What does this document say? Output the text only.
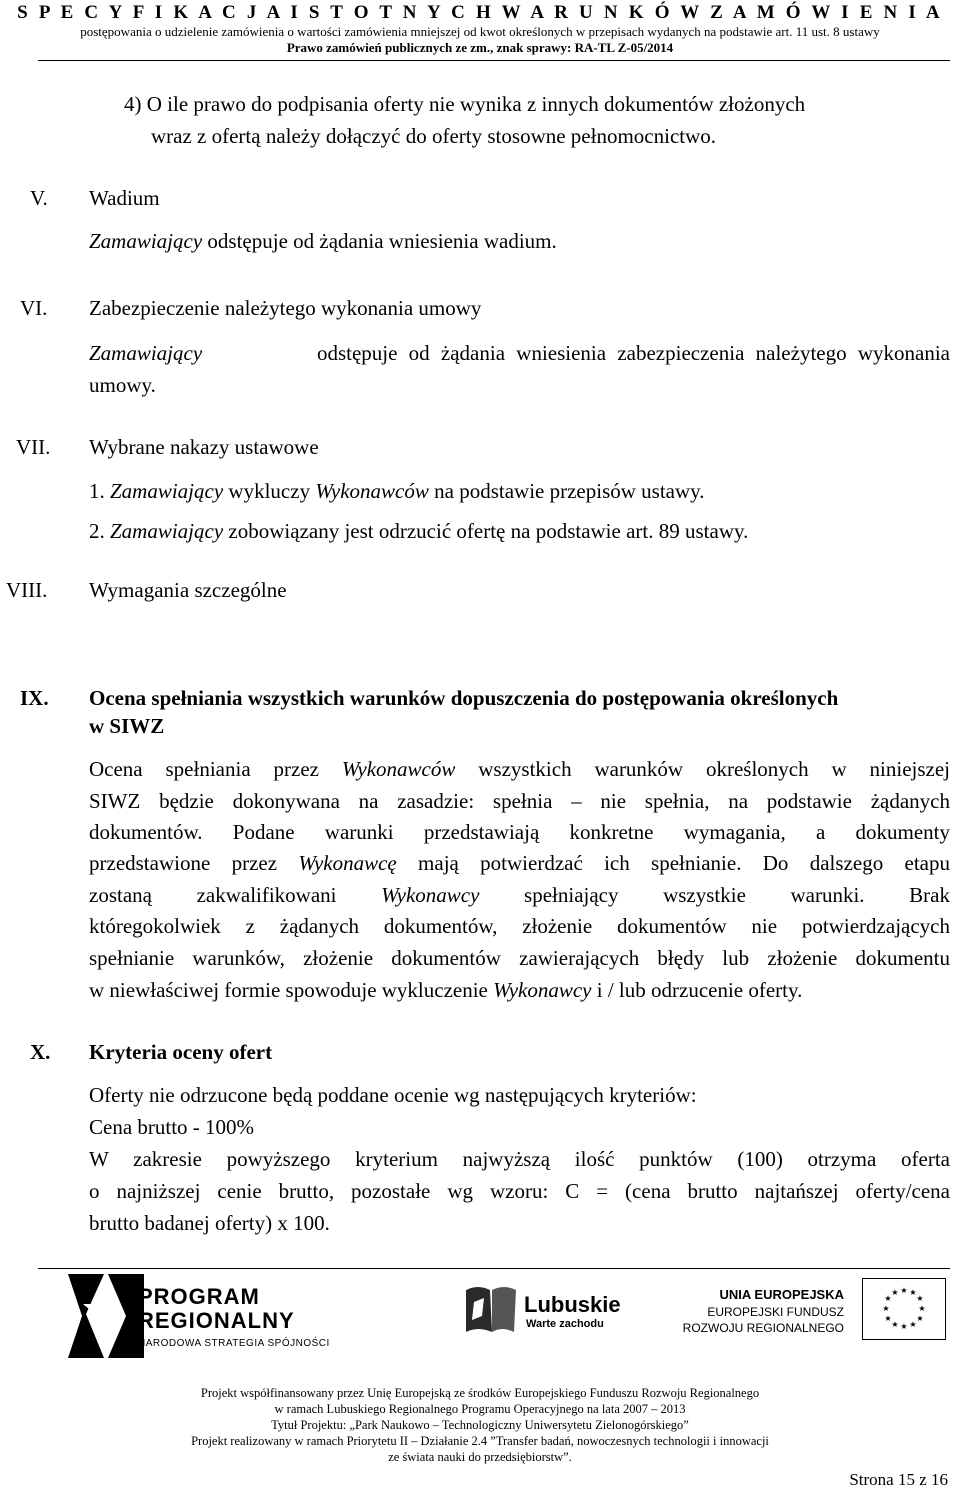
S P E C Y F I K A C J A I S T O T N Y C H W A R U N K Ó W Z A M Ó W I E N I A
postępowania o udzielenie zamówienia o wartości zamówienia mniejszej od kwot określonych w przepisach wydanych na podstawie art. 11 ust. 8 ustawy
Prawo zamówień publicznych ze zm., znak sprawy: RA-TL Z-05/2014
4) O ile prawo do podpisania oferty nie wynika z innych dokumentów złożonych
wraz z ofertą należy dołączyć do oferty stosowne pełnomocnictwo.
V. Wadium
Zamawiający odstępuje od żądania wniesienia wadium.
VI. Zabezpieczenie należytego wykonania umowy
Zamawiający	odstępuje od żądania wniesienia zabezpieczenia należytego wykonania
umowy.
VII. Wybrane nakazy ustawowe
1. Zamawiający wykluczy Wykonawców na podstawie przepisów ustawy.
2. Zamawiający zobowiązany jest odrzucić ofertę na podstawie art. 89 ustawy.
VIII. Wymagania szczególne
IX. Ocena spełniania wszystkich warunków dopuszczenia do postępowania określonych
w SIWZ
Ocena spełniania przez Wykonawców wszystkich warunków określonych w niniejszej
SIWZ będzie dokonywana na zasadzie: spełnia – nie spełnia, na podstawie żądanych
dokumentów. Podane warunki przedstawiają konkretne wymagania, a dokumenty
przedstawione przez Wykonawcę mają potwierdzać ich spełnianie. Do dalszego etapu
zostaną zakwalifikowani Wykonawcy spełniający wszystkie warunki. Brak
któregokolwiek z żądanych dokumentów, złożenie dokumentów nie potwierdzających
spełnianie warunków, złożenie dokumentów zawierających błędy lub złożenie dokumentu
w niewłaściwej formie spowoduje wykluczenie Wykonawcy i / lub odrzucenie oferty.
X. Kryteria oceny ofert
Oferty nie odrzucone będą poddane ocenie wg następujących kryteriów:
Cena brutto - 100%
W zakresie powyższego kryterium najwyższą ilość punktów (100) otrzyma oferta
o najniższej cenie brutto, pozostałe wg wzoru: C = (cena brutto najtańszej oferty/cena
brutto badanej oferty) x 100.
PROGRAM
REGIONALNY
NARODOWA STRATEGIA SPÓJNOŚCI
Lubuskie
Warte zachodu
UNIA EUROPEJSKA
EUROPEJSKI FUNDUSZ
ROZWOJU REGIONALNEGO
★ ★
★
★
★
★
★
★
★
★
★
★
Projekt współfinansowany przez Unię Europejską ze środków Europejskiego Funduszu Rozwoju Regionalnego
w ramach Lubuskiego Regionalnego Programu Operacyjnego na lata 2007 – 2013
Tytuł Projektu: „Park Naukowo – Technologiczny Uniwersytetu Zielonogórskiego”
Projekt realizowany w ramach Priorytetu II – Działanie 2.4 ”Transfer badań, nowoczesnych technologii i innowacji
ze świata nauki do przedsiębiorstw”.
Strona 15 z 16
